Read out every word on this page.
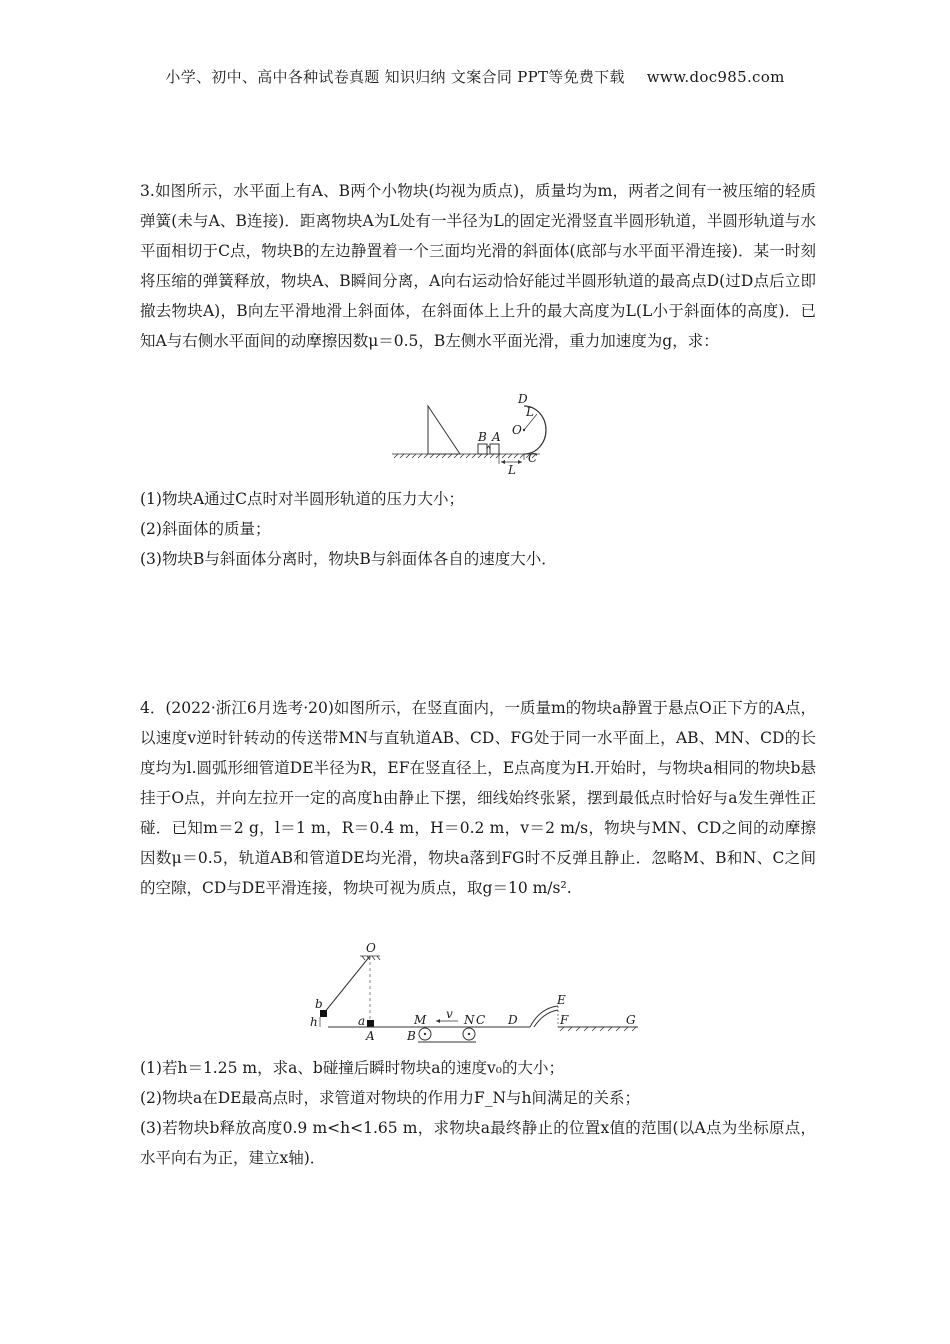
小学、初中、高中各种试卷真题 知识归纳 文案合同 PPT等免费下载 www.doc985.com

3.如图所示，水平面上有A、B两个小物块(均视为质点)，质量均为m，两者之间有一被压缩的轻质弹簧(未与A、B连接)．距离物块A为L处有一半径为L的固定光滑竖直半圆形轨道，半圆形轨道与水平面相切于C点，物块B的左边静置着一个三面均光滑的斜面体(底部与水平面平滑连接)．某一时刻将压缩的弹簧释放，物块A、B瞬间分离，A向右运动恰好能过半圆形轨道的最高点D(过D点后立即撤去物块A)，B向左平滑地滑上斜面体，在斜面体上上升的最大高度为L(L小于斜面体的高度)．已知A与右侧水平面间的动摩擦因数μ＝0.5，B左侧水平面光滑，重力加速度为g，求：

D
L
O
B A
C
L

(1)物块A通过C点时对半圆形轨道的压力大小；

(2)斜面体的质量；

(3)物块B与斜面体分离时，物块B与斜面体各自的速度大小．

4．(2022·浙江6月选考·20)如图所示，在竖直面内，一质量m的物块a静置于悬点O正下方的A点，以速度v逆时针转动的传送带MN与直轨道AB、CD、FG处于同一水平面上，AB、MN、CD的长度均为l.圆弧形细管道DE半径为R，EF在竖直径上，E点高度为H.开始时，与物块a相同的物块b悬挂于O点，并向左拉开一定的高度h由静止下摆，细线始终张紧，摆到最低点时恰好与a发生弹性正碰．已知m＝2 g，l＝1 m，R＝0.4 m，H＝0.2 m，v＝2 m/s，物块与MN、CD之间的动摩擦因数μ＝0.5，轨道AB和管道DE均光滑，物块a落到FG时不反弹且静止．忽略M、B和N、C之间的空隙，CD与DE平滑连接，物块可视为质点，取g＝10 m/s².

O
b
h	a
A
M v N C
B
D
E
F	G

(1)若h＝1.25 m，求a、b碰撞后瞬时物块a的速度v₀的大小；

(2)物块a在DE最高点时，求管道对物块的作用力F_N与h间满足的关系；

(3)若物块b释放高度0.9 m<h<1.65 m，求物块a最终静止的位置x值的范围(以A点为坐标原点，水平向右为正，建立x轴)．
